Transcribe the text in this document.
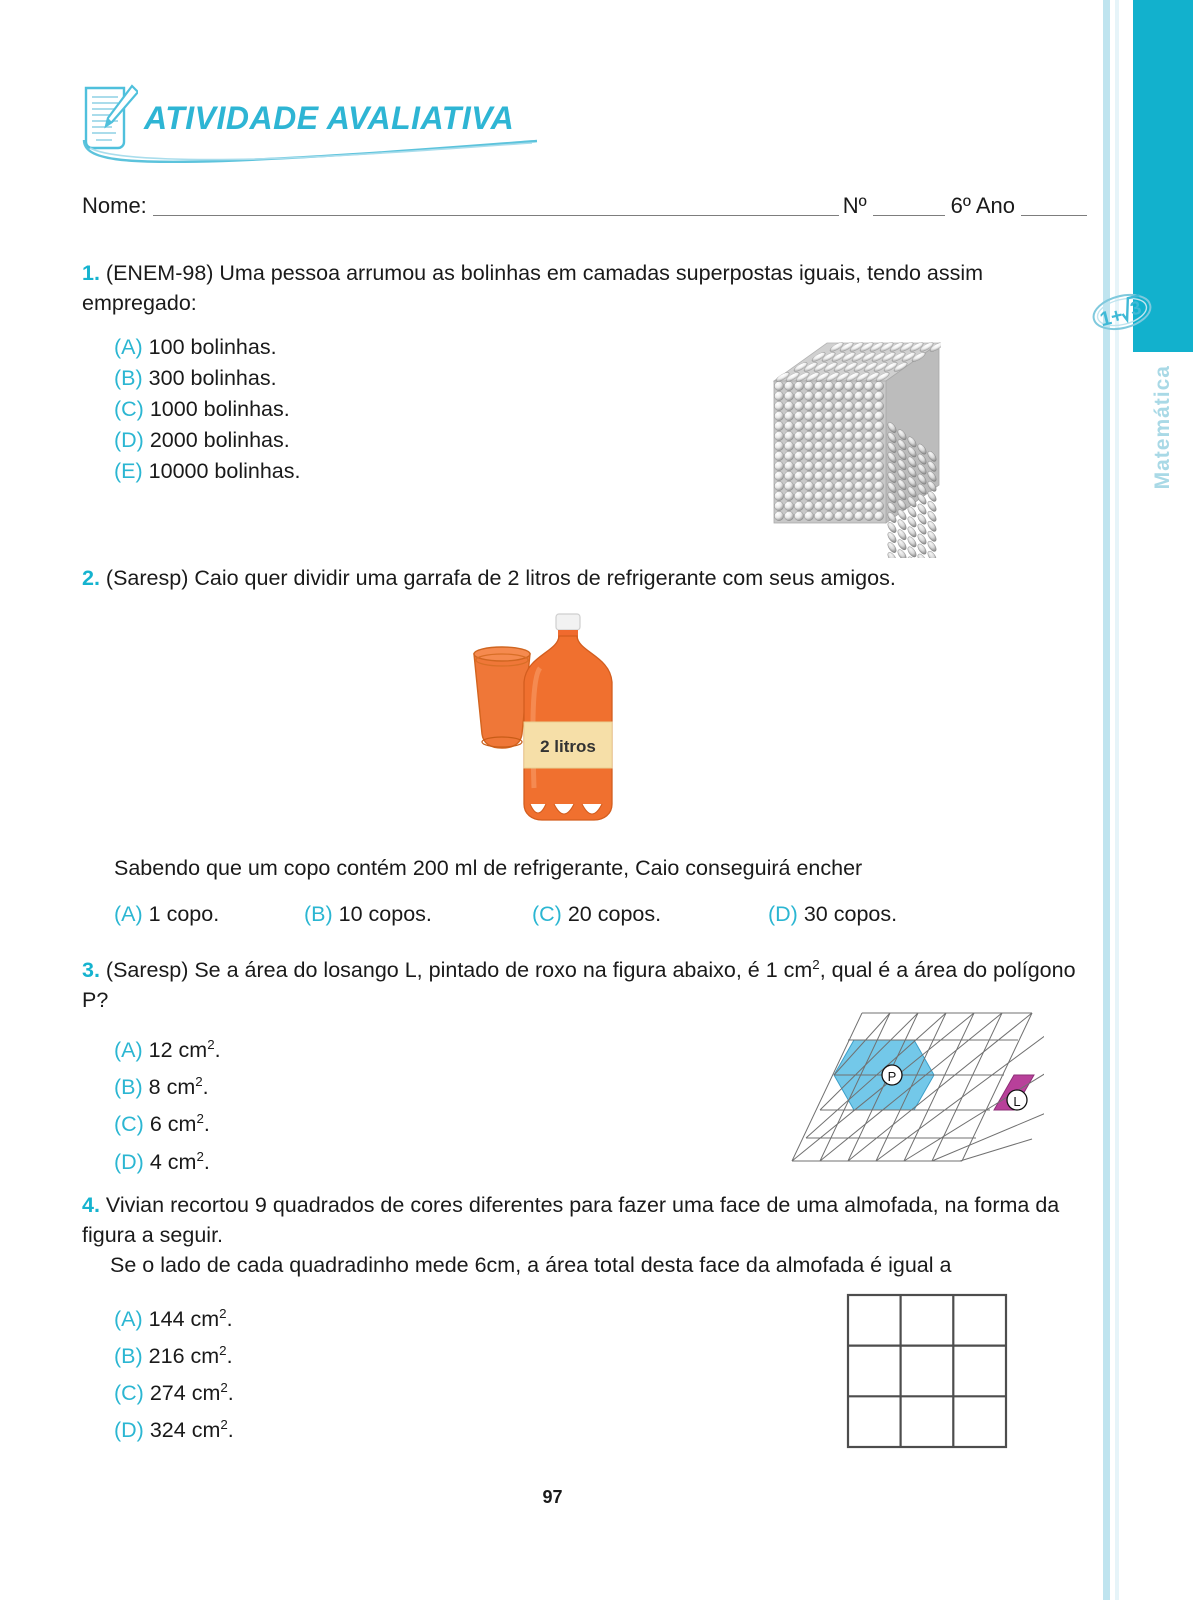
1+ 3
Matemática
ATIVIDADE AVALIATIVA
Nome:
	Nº
	6º Ano

1. (ENEM-98) Uma pessoa arrumou as bolinhas em camadas superpostas iguais, tendo assim empregado:
(A) 100 bolinhas.
(B) 300 bolinhas.
(C) 1000 bolinhas.
(D) 2000 bolinhas.
(E) 10000 bolinhas.
2. (Saresp) Caio quer dividir uma garrafa de 2 litros de refrigerante com seus amigos.
2 litros
Sabendo que um copo contém 200 ml de refrigerante, Caio conseguirá encher
(A) 1 copo.	(B) 10 copos.	(C) 20 copos.	(D) 30 copos.
3. (Saresp) Se a área do losango L, pintado de roxo na figura abaixo, é 1 $cm^2$, qual é a área do polígono P?
(A) 12 $cm^2$.
(B) 8 $cm^2$.
(C) 6 $cm^2$.
(D) 4 $cm^2$.
P
L
4. Vivian recortou 9 quadrados de cores diferentes para fazer uma face de uma almofada, na forma da figura a seguir.
Se o lado de cada quadradinho mede 6cm, a área total desta face da almofada é igual a
(A) 144 $cm^2$.
(B) 216 $cm^2$.
(C) 274 $cm^2$.
(D) 324 $cm^2$.
97
